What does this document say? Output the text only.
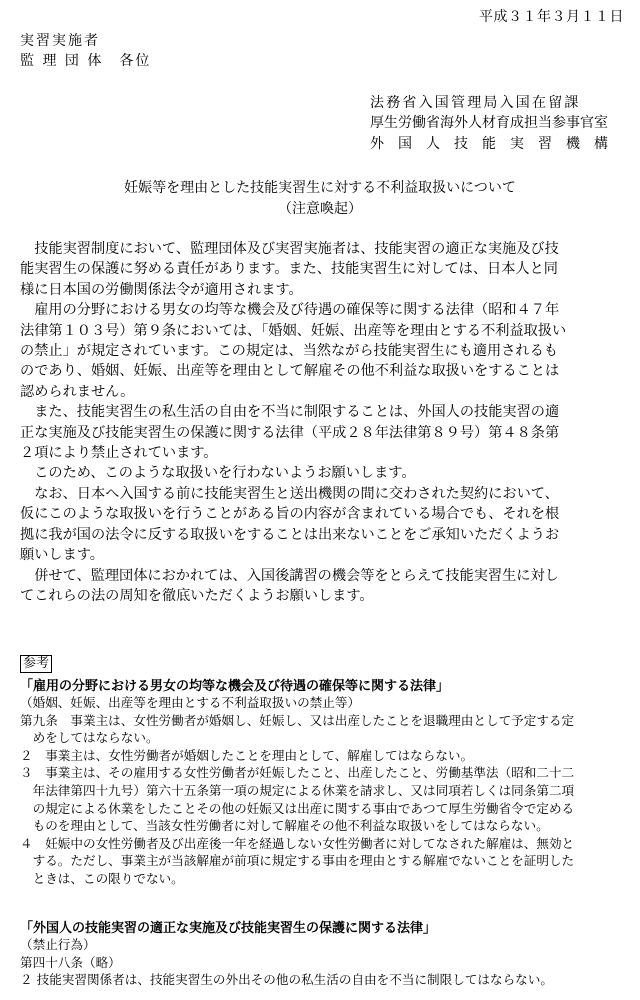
平成３１年３月１１日
実習実施者
監 理 団 体　各位
法務省入国管理局入国在留課
厚生労働省海外人材育成担当参事官室
外　国　人　技　能　実　習　機　構
妊娠等を理由とした技能実習生に対する不利益取扱いについて
（注意喚起）
　技能実習制度において、監理団体及び実習実施者は、技能実習の適正な実施及び技
能実習生の保護に努める責任があります。また、技能実習生に対しては、日本人と同
様に日本国の労働関係法令が適用されます。
　雇用の分野における男女の均等な機会及び待遇の確保等に関する法律（昭和４７年
法律第１０３号）第９条においては、「婚姻、妊娠、出産等を理由とする不利益取扱い
の禁止」が規定されています。この規定は、当然ながら技能実習生にも適用されるも
のであり、婚姻、妊娠、出産等を理由として解雇その他不利益な取扱いをすることは
認められません。
　また、技能実習生の私生活の自由を不当に制限することは、外国人の技能実習の適
正な実施及び技能実習生の保護に関する法律（平成２８年法律第８９号）第４８条第
２項により禁止されています。
　このため、このような取扱いを行わないようお願いします。
　なお、日本へ入国する前に技能実習生と送出機関の間に交わされた契約において、
仮にこのような取扱いを行うことがある旨の内容が含まれている場合でも、それを根
拠に我が国の法令に反する取扱いをすることは出来ないことをご承知いただくようお
願いします。
　併せて、監理団体におかれては、入国後講習の機会等をとらえて技能実習生に対し
てこれらの法の周知を徹底いただくようお願いします。
参考
「雇用の分野における男女の均等な機会及び待遇の確保等に関する法律」
（婚姻、妊娠、出産等を理由とする不利益取扱いの禁止等）
第九条　事業主は、女性労働者が婚姻し、妊娠し、又は出産したことを退職理由として予定する定
　めをしてはならない。
２　事業主は、女性労働者が婚姻したことを理由として、解雇してはならない。
３　事業主は、その雇用する女性労働者が妊娠したこと、出産したこと、労働基準法（昭和二十二
　年法律第四十九号）第六十五条第一項の規定による休業を請求し、又は同項若しくは同条第二項
　の規定による休業をしたことその他の妊娠又は出産に関する事由であつて厚生労働省令で定める
　ものを理由として、当該女性労働者に対して解雇その他不利益な取扱いをしてはならない。
４　妊娠中の女性労働者及び出産後一年を経過しない女性労働者に対してなされた解雇は、無効と
　する。ただし、事業主が当該解雇が前項に規定する事由を理由とする解雇でないことを証明した
　ときは、この限りでない。
「外国人の技能実習の適正な実施及び技能実習生の保護に関する法律」
（禁止行為）
第四十八条（略）
２ 技能実習関係者は、技能実習生の外出その他の私生活の自由を不当に制限してはならない。
